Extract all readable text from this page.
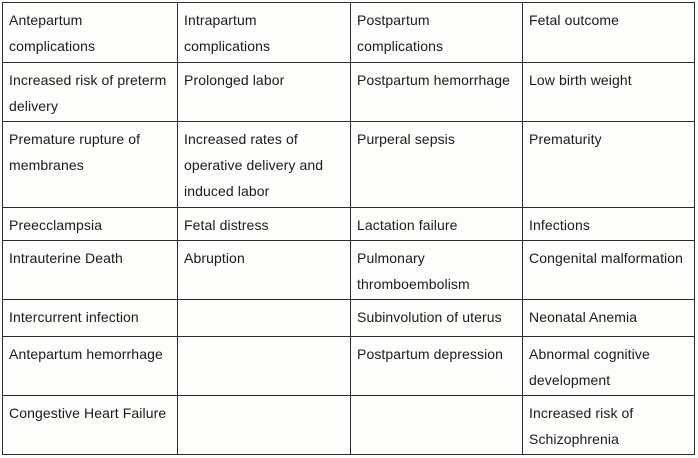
Antepartum complications	Intrapartum complications	Postpartum complications	Fetal outcome

Increased risk of preterm delivery	Prolonged labor	Postpartum hemorrhage	Low birth weight

Premature rupture of membranes	Increased rates of operative delivery and induced labor	Purperal sepsis	Prematurity

Preecclampsia	Fetal distress	Lactation failure	Infections

Intrauterine Death	Abruption	Pulmonary thromboembolism	Congenital malformation

Intercurrent infection		Subinvolution of uterus	Neonatal Anemia

Antepartum hemorrhage		Postpartum depression	Abnormal cognitive development

Congestive Heart Failure			Increased risk of Schizophrenia
